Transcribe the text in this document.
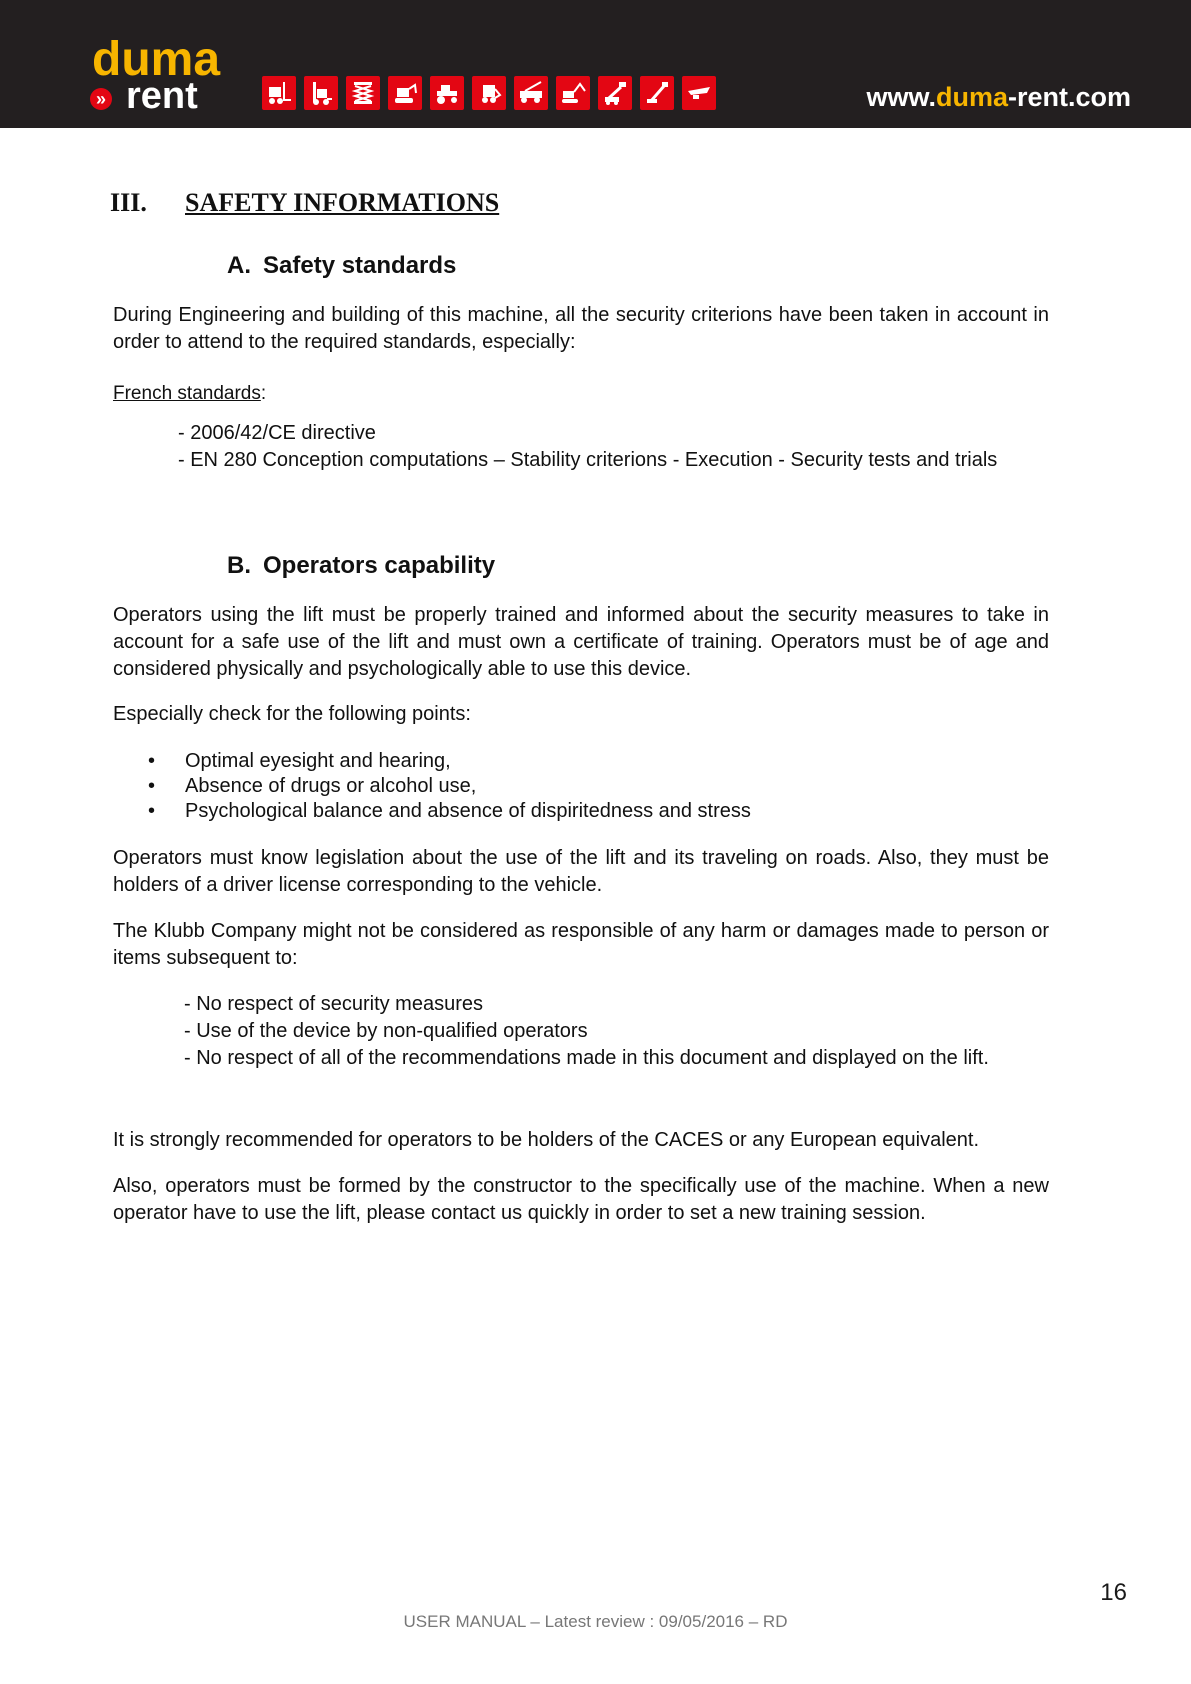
duma
» rent	www.duma-rent.com
III.	SAFETY INFORMATIONS
A. Safety standards
During Engineering and building of this machine, all the security criterions have been taken in account in order to attend to the required standards, especially:
French standards:
- 2006/42/CE directive
- EN 280 Conception computations – Stability criterions - Execution - Security tests and trials
B. Operators capability
Operators using the lift must be properly trained and informed about the security measures to take in account for a safe use of the lift and must own a certificate of training. Operators must be of age and considered physically and psychologically able to use this device.
Especially check for the following points:
•	Optimal eyesight and hearing,
•	Absence of drugs or alcohol use,
•	Psychological balance and absence of dispiritedness and stress
Operators must know legislation about the use of the lift and its traveling on roads. Also, they must be holders of a driver license corresponding to the vehicle.
The Klubb Company might not be considered as responsible of any harm or damages made to person or items subsequent to:
- No respect of security measures
- Use of the device by non-qualified operators
- No respect of all of the recommendations made in this document and displayed on the lift.
It is strongly recommended for operators to be holders of the CACES or any European equivalent.
Also, operators must be formed by the constructor to the specifically use of the machine. When a new operator have to use the lift, please contact us quickly in order to set a new training session.
16
USER MANUAL – Latest review : 09/05/2016 – RD
